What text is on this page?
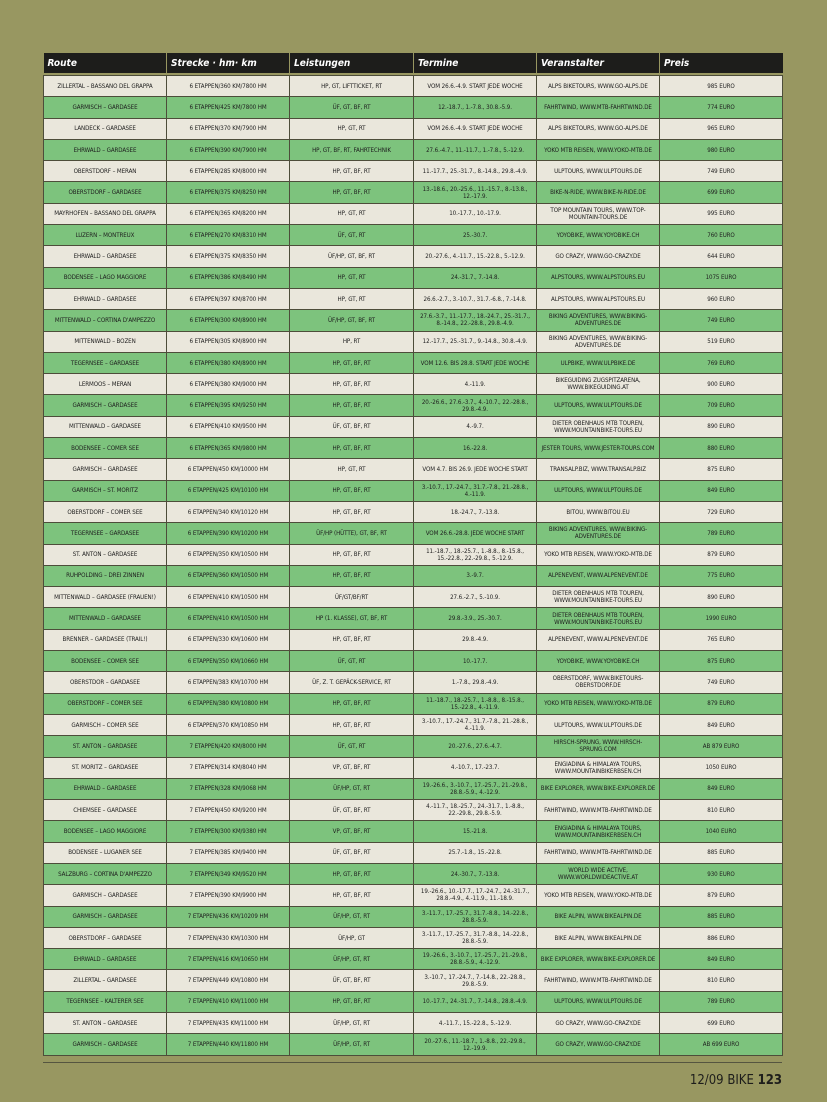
Route	Strecke · hm· km	Leistungen	Termine	Veranstalter	Preis

ZILLERTAL – BASSANO DEL GRAPPA	6 ETAPPEN/360 KM/7800 HM	HP, GT, LIFTTICKET, RT	VOM 26.6.-4.9. START JEDE WOCHE	ALPS BIKETOURS, WWW.GO-ALPS.DE	985 EURO
GARMISCH – GARDASEE	6 ETAPPEN/425 KM/7800 HM	ÜF, GT, BF, RT	12.-18.7., 1.-7.8., 30.8.-5.9.	FAHRTWIND, WWW.MTB-FAHRTWIND.DE	774 EURO
LANDECK – GARDASEE	6 ETAPPEN/370 KM/7900 HM	HP, GT, RT	VOM 26.6.-4.9. START JEDE WOCHE	ALPS BIKETOURS, WWW.GO-ALPS.DE	965 EURO
EHRWALD – GARDASEE	6 ETAPPEN/390 KM/7900 HM	HP, GT, BF, RT, FAHRTECHNIK	27.6.-4.7., 11.-11.7., 1.-7.8., 5.-12.9.	YOKO MTB REISEN, WWW.YOKO-MTB.DE	980 EURO
OBERSTDORF – MERAN	6 ETAPPEN/285 KM/8000 HM	HP, GT, BF, RT	11.-17.7., 25.-31.7., 8.-14.8., 29.8.-4.9.	ULPTOURS, WWW.ULPTOURS.DE	749 EURO
OBERSTDORF – GARDASEE	6 ETAPPEN/375 KM/8250 HM	HP, GT, BF, RT	13.-18.6., 20.-25.6., 11.-15.7., 8.-13.8., 12.-17.9.	BIKE-N-RIDE, WWW.BIKE-N-RIDE.DE	699 EURO
MAYRHOFEN – BASSANO DEL GRAPPA	6 ETAPPEN/365 KM/8200 HM	HP, GT, RT	10.-17.7., 10.-17.9.	TOP MOUNTAIN TOURS, WWW.TOP-MOUNTAIN-TOURS.DE	995 EURO
LUZERN – MONTREUX	6 ETAPPEN/270 KM/8310 HM	ÜF, GT, RT	25.-30.7.	YOYOBIKE, WWW.YOYOBIKE.CH	760 EURO
EHRWALD – GARDASEE	6 ETAPPEN/375 KM/8350 HM	ÜF/HP, GT, BF, RT	20.-27.6., 4.-11.7., 15.-22.8., 5.-12.9.	GO CRAZY, WWW.GO-CRAZY.DE	644 EURO
BODENSEE – LAGO MAGGIORE	6 ETAPPEN/386 KM/8490 HM	HP, GT, RT	24.-31.7., 7.-14.8.	ALPSTOURS, WWW.ALPSTOURS.EU	1075 EURO
EHRWALD – GARDASEE	6 ETAPPEN/397 KM/8700 HM	HP, GT, RT	26.6.-2.7., 3.-10.7., 31.7.-6.8., 7.-14.8.	ALPSTOURS, WWW.ALPSTOURS.EU	960 EURO
MITTENWALD – CORTINA D'AMPEZZO	6 ETAPPEN/300 KM/8900 HM	ÜF/HP, GT, BF, RT	27.6.-3.7., 11.-17.7., 18.-24.7., 25.-31.7., 8.-14.8., 22.-28.8., 29.8.-4.9.	BIKING ADVENTURES, WWW.BIKING-ADVENTURES.DE	749 EURO
MITTENWALD – BOZEN	6 ETAPPEN/305 KM/8900 HM	HP, RT	12.-17.7., 25.-31.7., 9.-14.8., 30.8.-4.9.	BIKING ADVENTURES, WWW.BIKING-ADVENTURES.DE	519 EURO
TEGERNSEE – GARDASEE	6 ETAPPEN/380 KM/8900 HM	HP, GT, BF, RT	VOM 12.6. BIS 28.8. START JEDE WOCHE	ULPBIKE, WWW.ULPBIKE.DE	769 EURO
LERMOOS – MERAN	6 ETAPPEN/380 KM/9000 HM	HP, GT, BF, RT	4.-11.9.	BIKEGUIDING ZUGSPITZARENA, WWW.BIKEGUIDING.AT	900 EURO
GARMISCH – GARDASEE	6 ETAPPEN/395 KM/9250 HM	HP, GT, BF, RT	20.-26.6., 27.6.-3.7., 4.-10.7., 22.-28.8., 29.8.-4.9.	ULPTOURS, WWW.ULPTOURS.DE	709 EURO
MITTENWALD – GARDASEE	6 ETAPPEN/410 KM/9500 HM	ÜF, GT, BF, RT	4.-9.7.	DIETER OBENHAUS MTB TOUREN, WWW.MOUNTAINBIKE-TOURS.EU	890 EURO
BODENSEE – COMER SEE	6 ETAPPEN/365 KM/9800 HM	HP, GT, BF, RT	16.-22.8.	JESTER TOURS, WWW.JESTER-TOURS.COM	880 EURO
GARMISCH – GARDASEE	6 ETAPPEN/450 KM/10000 HM	HP, GT, RT	VOM 4.7. BIS 26.9. JEDE WOCHE START	TRANSALP.BIZ, WWW.TRANSALP.BIZ	875 EURO
GARMISCH – ST. MORITZ	6 ETAPPEN/425 KM/10100 HM	HP, GT, BF, RT	3.-10.7., 17.-24.7., 31.7.-7.8., 21.-28.8., 4.-11.9.	ULPTOURS, WWW.ULPTOURS.DE	849 EURO
OBERSTDORF – COMER SEE	6 ETAPPEN/340 KM/10120 HM	HP, GT, BF, RT	18.-24.7., 7.-13.8.	BITOU, WWW.BITOU.EU	729 EURO
TEGERNSEE – GARDASEE	6 ETAPPEN/390 KM/10200 HM	ÜF/HP (HÜTTE), GT, BF, RT	VOM 26.6.-28.8. JEDE WOCHE START	BIKING ADVENTURES, WWW.BIKING-ADVENTURES.DE	789 EURO
ST. ANTON – GARDASEE	6 ETAPPEN/350 KM/10500 HM	HP, GT, BF, RT	11.-18.7., 18.-25.7., 1.-8.8., 8.-15.8., 15.-22.8., 22.-29.8., 5.-12.9.	YOKO MTB REISEN, WWW.YOKO-MTB.DE	879 EURO
RUHPOLDING – DREI ZINNEN	6 ETAPPEN/360 KM/10500 HM	HP, GT, BF, RT	3.-9.7.	ALPENEVENT, WWW.ALPENEVENT.DE	775 EURO
MITTENWALD – GARDASEE (FRAUEN!)	6 ETAPPEN/410 KM/10500 HM	ÜF/GT/BF/RT	27.6.-2.7., 5.-10.9.	DIETER OBENHAUS MTB TOUREN, WWW.MOUNTAINBIKE-TOURS.EU	890 EURO
MITTENWALD – GARDASEE	6 ETAPPEN/410 KM/10500 HM	HP (1. KLASSE), GT, BF, RT	29.8.-3.9., 25.-30.7.	DIETER OBENHAUS MTB TOUREN, WWW.MOUNTAINBIKE-TOURS.EU	1990 EURO
BRENNER – GARDASEE (TRAIL!)	6 ETAPPEN/330 KM/10600 HM	HP, GT, BF, RT	29.8.-4.9.	ALPENEVENT, WWW.ALPENEVENT.DE	765 EURO
BODENSEE – COMER SEE	6 ETAPPEN/350 KM/10660 HM	ÜF, GT, RT	10.-17.7.	YOYOBIKE, WWW.YOYOBIKE.CH	875 EURO
OBERSTDOR – GARDASEE	6 ETAPPEN/383 KM/10700 HM	ÜF, Z. T. GEPÄCK-SERVICE, RT	1.-7.8., 29.8.-4.9.	OBERSTDORF, WWW.BIKETOURS-OBERSTDORF.DE	749 EURO
OBERSTDORF – COMER SEE	6 ETAPPEN/380 KM/10800 HM	HP, GT, BF, RT	11.-18.7., 18.-25.7., 1.-8.8., 8.-15.8., 15.-22.8., 4.-11.9.	YOKO MTB REISEN, WWW.YOKO-MTB.DE	879 EURO
GARMISCH – COMER SEE	6 ETAPPEN/370 KM/10850 HM	HP, GT, BF, RT	3.-10.7., 17.-24.7., 31.7.-7.8., 21.-28.8., 4.-11.9.	ULPTOURS, WWW.ULPTOURS.DE	849 EURO
ST. ANTON – GARDASEE	7 ETAPPEN/420 KM/8000 HM	ÜF, GT, RT	20.-27.6., 27.6.-4.7.	HIRSCH-SPRUNG, WWW.HIRSCH-SPRUNG.COM	AB 879 EURO
ST. MORITZ – GARDASEE	7 ETAPPEN/314 KM/8040 HM	VP, GT, BF, RT	4.-10.7., 17.-23.7.	ENGIADINA & HIMALAYA TOURS, WWW.MOUNTAINBIKERBSEN.CH	1050 EURO
EHRWALD – GARDASEE	7 ETAPPEN/328 KM/9068 HM	ÜF/HP, GT, RT	19.-26.6., 3.-10.7., 17.-25.7., 21.-29.8., 28.8.-5.9., 4.-12.9.	BIKE EXPLORER, WWW.BIKE-EXPLORER.DE	849 EURO
CHIEMSEE – GARDASEE	7 ETAPPEN/450 KM/9200 HM	ÜF, GT, BF, RT	4.-11.7., 18.-25.7., 24.-31.7., 1.-8.8., 22.-29.8., 29.8.-5.9.	FAHRTWIND, WWW.MTB-FAHRTWIND.DE	810 EURO
BODENSEE – LAGO MAGGIORE	7 ETAPPEN/300 KM/9380 HM	VP, GT, BF, RT	15.-21.8.	ENGIADINA & HIMALAYA TOURS, WWW.MOUNTAINBIKERBSEN.CH	1040 EURO
BODENSEE – LUGANER SEE	7 ETAPPEN/385 KM/9400 HM	ÜF, GT, BF, RT	25.7.-1.8., 15.-22.8.	FAHRTWIND, WWW.MTB-FAHRTWIND.DE	885 EURO
SALZBURG – CORTINA D'AMPEZZO	7 ETAPPEN/349 KM/9520 HM	HP, GT, BF, RT	24.-30.7., 7.-13.8.	WORLD WIDE ACTIVE, WWW.WORLDWIDEACTIVE.AT	930 EURO
GARMISCH – GARDASEE	7 ETAPPEN/390 KM/9900 HM	HP, GT, BF, RT	19.-26.6., 10.-17.7., 17.-24.7., 24.-31.7., 28.8.-4.9., 4.-11.9., 11.-18.9.	YOKO MTB REISEN, WWW.YOKO-MTB.DE	879 EURO
GARMISCH – GARDASEE	7 ETAPPEN/436 KM/10209 HM	ÜF/HP, GT, RT	3.-11.7., 17.-25.7., 31.7.-8.8., 14.-22.8., 28.8.-5.9.	BIKE ALPIN, WWW.BIKEALPIN.DE	885 EURO
OBERSTDORF – GARDASEE	7 ETAPPEN/430 KM/10300 HM	ÜF/HP, GT	3.-11.7., 17.-25.7., 31.7.-8.8., 14.-22.8., 28.8.-5.9.	BIKE ALPIN, WWW.BIKEALPIN.DE	886 EURO
EHRWALD – GARDASEE	7 ETAPPEN/416 KM/10650 HM	ÜF/HP, GT, RT	19.-26.6., 3.-10.7., 17.-25.7., 21.-29.8., 28.8.-5.9., 4.-12.9.	BIKE EXPLORER, WWW.BIKE-EXPLORER.DE	849 EURO
ZILLERTAL – GARDASEE	7 ETAPPEN/449 KM/10800 HM	ÜF, GT, BF, RT	3.-10.7., 17.-24.7., 7.-14.8., 22.-28.8., 29.8.-5.9.	FAHRTWIND, WWW.MTB-FAHRTWIND.DE	810 EURO
TEGERNSEE – KALTERER SEE	7 ETAPPEN/410 KM/11000 HM	HP, GT, BF, RT	10.-17.7., 24.-31.7., 7.-14.8., 28.8.-4.9.	ULPTOURS, WWW.ULPTOURS.DE	789 EURO
ST. ANTON – GARDASEE	7 ETAPPEN/435 KM/11000 HM	ÜF/HP, GT, RT	4.-11.7., 15.-22.8., 5.-12.9.	GO CRAZY, WWW.GO-CRAZY.DE	699 EURO
GARMISCH – GARDASEE	7 ETAPPEN/440 KM/11800 HM	ÜF/HP, GT, RT	20.-27.6., 11.-18.7., 1.-8.8., 22.-29.8., 12.-19.9.	GO CRAZY, WWW.GO-CRAZY.DE	AB 699 EURO
12/09 BIKE 123
